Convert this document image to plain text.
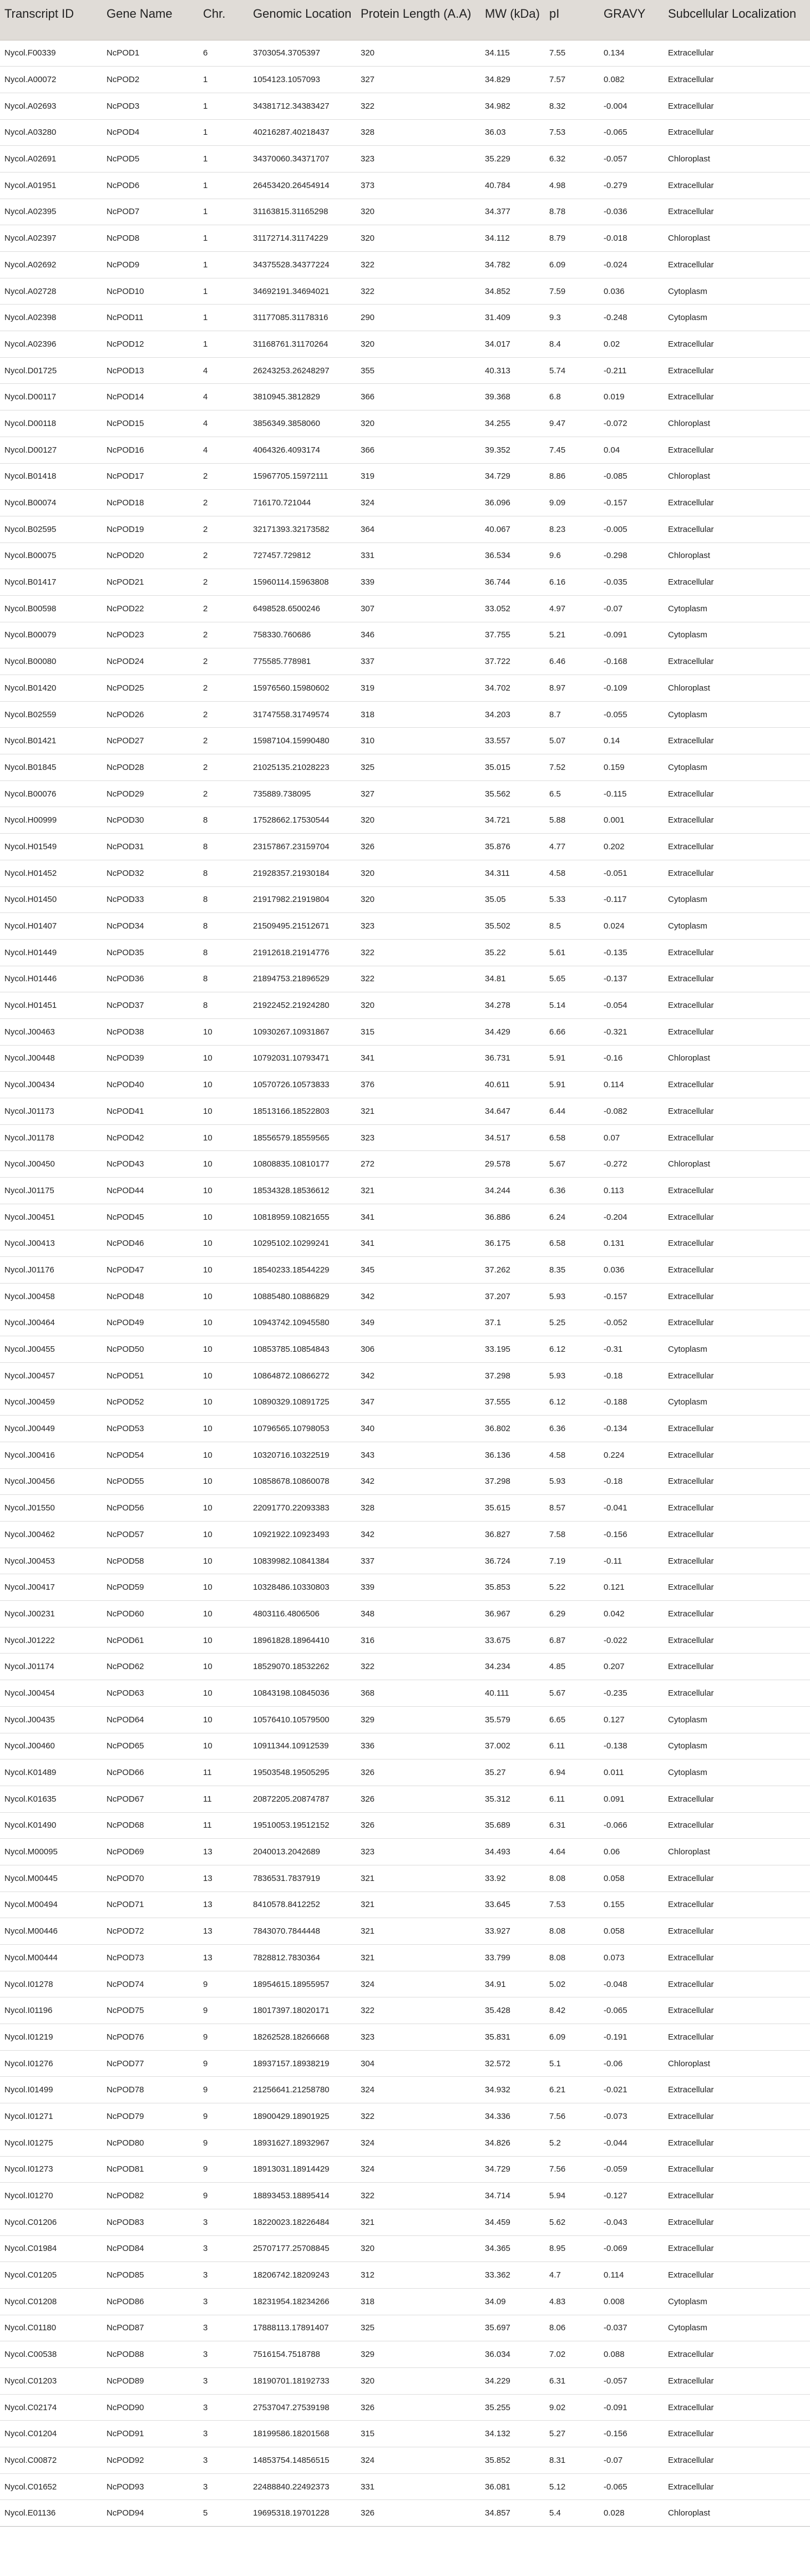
Transcript ID	Gene Name	Chr.	Genomic Location	Protein Length (A.A)	MW (kDa)	pI	GRAVY	Subcellular Localization
Nycol.F00339	NcPOD1	6	3703054.3705397	320	34.115	7.55	0.134	Extracellular
Nycol.A00072	NcPOD2	1	1054123.1057093	327	34.829	7.57	0.082	Extracellular
Nycol.A02693	NcPOD3	1	34381712.34383427	322	34.982	8.32	-0.004	Extracellular
Nycol.A03280	NcPOD4	1	40216287.40218437	328	36.03	7.53	-0.065	Extracellular
Nycol.A02691	NcPOD5	1	34370060.34371707	323	35.229	6.32	-0.057	Chloroplast
Nycol.A01951	NcPOD6	1	26453420.26454914	373	40.784	4.98	-0.279	Extracellular
Nycol.A02395	NcPOD7	1	31163815.31165298	320	34.377	8.78	-0.036	Extracellular
Nycol.A02397	NcPOD8	1	31172714.31174229	320	34.112	8.79	-0.018	Chloroplast
Nycol.A02692	NcPOD9	1	34375528.34377224	322	34.782	6.09	-0.024	Extracellular
Nycol.A02728	NcPOD10	1	34692191.34694021	322	34.852	7.59	0.036	Cytoplasm
Nycol.A02398	NcPOD11	1	31177085.31178316	290	31.409	9.3	-0.248	Cytoplasm
Nycol.A02396	NcPOD12	1	31168761.31170264	320	34.017	8.4	0.02	Extracellular
Nycol.D01725	NcPOD13	4	26243253.26248297	355	40.313	5.74	-0.211	Extracellular
Nycol.D00117	NcPOD14	4	3810945.3812829	366	39.368	6.8	0.019	Extracellular
Nycol.D00118	NcPOD15	4	3856349.3858060	320	34.255	9.47	-0.072	Chloroplast
Nycol.D00127	NcPOD16	4	4064326.4093174	366	39.352	7.45	0.04	Extracellular
Nycol.B01418	NcPOD17	2	15967705.15972111	319	34.729	8.86	-0.085	Chloroplast
Nycol.B00074	NcPOD18	2	716170.721044	324	36.096	9.09	-0.157	Extracellular
Nycol.B02595	NcPOD19	2	32171393.32173582	364	40.067	8.23	-0.005	Extracellular
Nycol.B00075	NcPOD20	2	727457.729812	331	36.534	9.6	-0.298	Chloroplast
Nycol.B01417	NcPOD21	2	15960114.15963808	339	36.744	6.16	-0.035	Extracellular
Nycol.B00598	NcPOD22	2	6498528.6500246	307	33.052	4.97	-0.07	Cytoplasm
Nycol.B00079	NcPOD23	2	758330.760686	346	37.755	5.21	-0.091	Cytoplasm
Nycol.B00080	NcPOD24	2	775585.778981	337	37.722	6.46	-0.168	Extracellular
Nycol.B01420	NcPOD25	2	15976560.15980602	319	34.702	8.97	-0.109	Chloroplast
Nycol.B02559	NcPOD26	2	31747558.31749574	318	34.203	8.7	-0.055	Cytoplasm
Nycol.B01421	NcPOD27	2	15987104.15990480	310	33.557	5.07	0.14	Extracellular
Nycol.B01845	NcPOD28	2	21025135.21028223	325	35.015	7.52	0.159	Cytoplasm
Nycol.B00076	NcPOD29	2	735889.738095	327	35.562	6.5	-0.115	Extracellular
Nycol.H00999	NcPOD30	8	17528662.17530544	320	34.721	5.88	0.001	Extracellular
Nycol.H01549	NcPOD31	8	23157867.23159704	326	35.876	4.77	0.202	Extracellular
Nycol.H01452	NcPOD32	8	21928357.21930184	320	34.311	4.58	-0.051	Extracellular
Nycol.H01450	NcPOD33	8	21917982.21919804	320	35.05	5.33	-0.117	Cytoplasm
Nycol.H01407	NcPOD34	8	21509495.21512671	323	35.502	8.5	0.024	Cytoplasm
Nycol.H01449	NcPOD35	8	21912618.21914776	322	35.22	5.61	-0.135	Extracellular
Nycol.H01446	NcPOD36	8	21894753.21896529	322	34.81	5.65	-0.137	Extracellular
Nycol.H01451	NcPOD37	8	21922452.21924280	320	34.278	5.14	-0.054	Extracellular
Nycol.J00463	NcPOD38	10	10930267.10931867	315	34.429	6.66	-0.321	Extracellular
Nycol.J00448	NcPOD39	10	10792031.10793471	341	36.731	5.91	-0.16	Chloroplast
Nycol.J00434	NcPOD40	10	10570726.10573833	376	40.611	5.91	0.114	Extracellular
Nycol.J01173	NcPOD41	10	18513166.18522803	321	34.647	6.44	-0.082	Extracellular
Nycol.J01178	NcPOD42	10	18556579.18559565	323	34.517	6.58	0.07	Extracellular
Nycol.J00450	NcPOD43	10	10808835.10810177	272	29.578	5.67	-0.272	Chloroplast
Nycol.J01175	NcPOD44	10	18534328.18536612	321	34.244	6.36	0.113	Extracellular
Nycol.J00451	NcPOD45	10	10818959.10821655	341	36.886	6.24	-0.204	Extracellular
Nycol.J00413	NcPOD46	10	10295102.10299241	341	36.175	6.58	0.131	Extracellular
Nycol.J01176	NcPOD47	10	18540233.18544229	345	37.262	8.35	0.036	Extracellular
Nycol.J00458	NcPOD48	10	10885480.10886829	342	37.207	5.93	-0.157	Extracellular
Nycol.J00464	NcPOD49	10	10943742.10945580	349	37.1	5.25	-0.052	Extracellular
Nycol.J00455	NcPOD50	10	10853785.10854843	306	33.195	6.12	-0.31	Cytoplasm
Nycol.J00457	NcPOD51	10	10864872.10866272	342	37.298	5.93	-0.18	Extracellular
Nycol.J00459	NcPOD52	10	10890329.10891725	347	37.555	6.12	-0.188	Cytoplasm
Nycol.J00449	NcPOD53	10	10796565.10798053	340	36.802	6.36	-0.134	Extracellular
Nycol.J00416	NcPOD54	10	10320716.10322519	343	36.136	4.58	0.224	Extracellular
Nycol.J00456	NcPOD55	10	10858678.10860078	342	37.298	5.93	-0.18	Extracellular
Nycol.J01550	NcPOD56	10	22091770.22093383	328	35.615	8.57	-0.041	Extracellular
Nycol.J00462	NcPOD57	10	10921922.10923493	342	36.827	7.58	-0.156	Extracellular
Nycol.J00453	NcPOD58	10	10839982.10841384	337	36.724	7.19	-0.11	Extracellular
Nycol.J00417	NcPOD59	10	10328486.10330803	339	35.853	5.22	0.121	Extracellular
Nycol.J00231	NcPOD60	10	4803116.4806506	348	36.967	6.29	0.042	Extracellular
Nycol.J01222	NcPOD61	10	18961828.18964410	316	33.675	6.87	-0.022	Extracellular
Nycol.J01174	NcPOD62	10	18529070.18532262	322	34.234	4.85	0.207	Extracellular
Nycol.J00454	NcPOD63	10	10843198.10845036	368	40.111	5.67	-0.235	Extracellular
Nycol.J00435	NcPOD64	10	10576410.10579500	329	35.579	6.65	0.127	Cytoplasm
Nycol.J00460	NcPOD65	10	10911344.10912539	336	37.002	6.11	-0.138	Cytoplasm
Nycol.K01489	NcPOD66	11	19503548.19505295	326	35.27	6.94	0.011	Cytoplasm
Nycol.K01635	NcPOD67	11	20872205.20874787	326	35.312	6.11	0.091	Extracellular
Nycol.K01490	NcPOD68	11	19510053.19512152	326	35.689	6.31	-0.066	Extracellular
Nycol.M00095	NcPOD69	13	2040013.2042689	323	34.493	4.64	0.06	Chloroplast
Nycol.M00445	NcPOD70	13	7836531.7837919	321	33.92	8.08	0.058	Extracellular
Nycol.M00494	NcPOD71	13	8410578.8412252	321	33.645	7.53	0.155	Extracellular
Nycol.M00446	NcPOD72	13	7843070.7844448	321	33.927	8.08	0.058	Extracellular
Nycol.M00444	NcPOD73	13	7828812.7830364	321	33.799	8.08	0.073	Extracellular
Nycol.I01278	NcPOD74	9	18954615.18955957	324	34.91	5.02	-0.048	Extracellular
Nycol.I01196	NcPOD75	9	18017397.18020171	322	35.428	8.42	-0.065	Extracellular
Nycol.I01219	NcPOD76	9	18262528.18266668	323	35.831	6.09	-0.191	Extracellular
Nycol.I01276	NcPOD77	9	18937157.18938219	304	32.572	5.1	-0.06	Chloroplast
Nycol.I01499	NcPOD78	9	21256641.21258780	324	34.932	6.21	-0.021	Extracellular
Nycol.I01271	NcPOD79	9	18900429.18901925	322	34.336	7.56	-0.073	Extracellular
Nycol.I01275	NcPOD80	9	18931627.18932967	324	34.826	5.2	-0.044	Extracellular
Nycol.I01273	NcPOD81	9	18913031.18914429	324	34.729	7.56	-0.059	Extracellular
Nycol.I01270	NcPOD82	9	18893453.18895414	322	34.714	5.94	-0.127	Extracellular
Nycol.C01206	NcPOD83	3	18220023.18226484	321	34.459	5.62	-0.043	Extracellular
Nycol.C01984	NcPOD84	3	25707177.25708845	320	34.365	8.95	-0.069	Extracellular
Nycol.C01205	NcPOD85	3	18206742.18209243	312	33.362	4.7	0.114	Extracellular
Nycol.C01208	NcPOD86	3	18231954.18234266	318	34.09	4.83	0.008	Cytoplasm
Nycol.C01180	NcPOD87	3	17888113.17891407	325	35.697	8.06	-0.037	Cytoplasm
Nycol.C00538	NcPOD88	3	7516154.7518788	329	36.034	7.02	0.088	Extracellular
Nycol.C01203	NcPOD89	3	18190701.18192733	320	34.229	6.31	-0.057	Extracellular
Nycol.C02174	NcPOD90	3	27537047.27539198	326	35.255	9.02	-0.091	Extracellular
Nycol.C01204	NcPOD91	3	18199586.18201568	315	34.132	5.27	-0.156	Extracellular
Nycol.C00872	NcPOD92	3	14853754.14856515	324	35.852	8.31	-0.07	Extracellular
Nycol.C01652	NcPOD93	3	22488840.22492373	331	36.081	5.12	-0.065	Extracellular
Nycol.E01136	NcPOD94	5	19695318.19701228	326	34.857	5.4	0.028	Chloroplast
